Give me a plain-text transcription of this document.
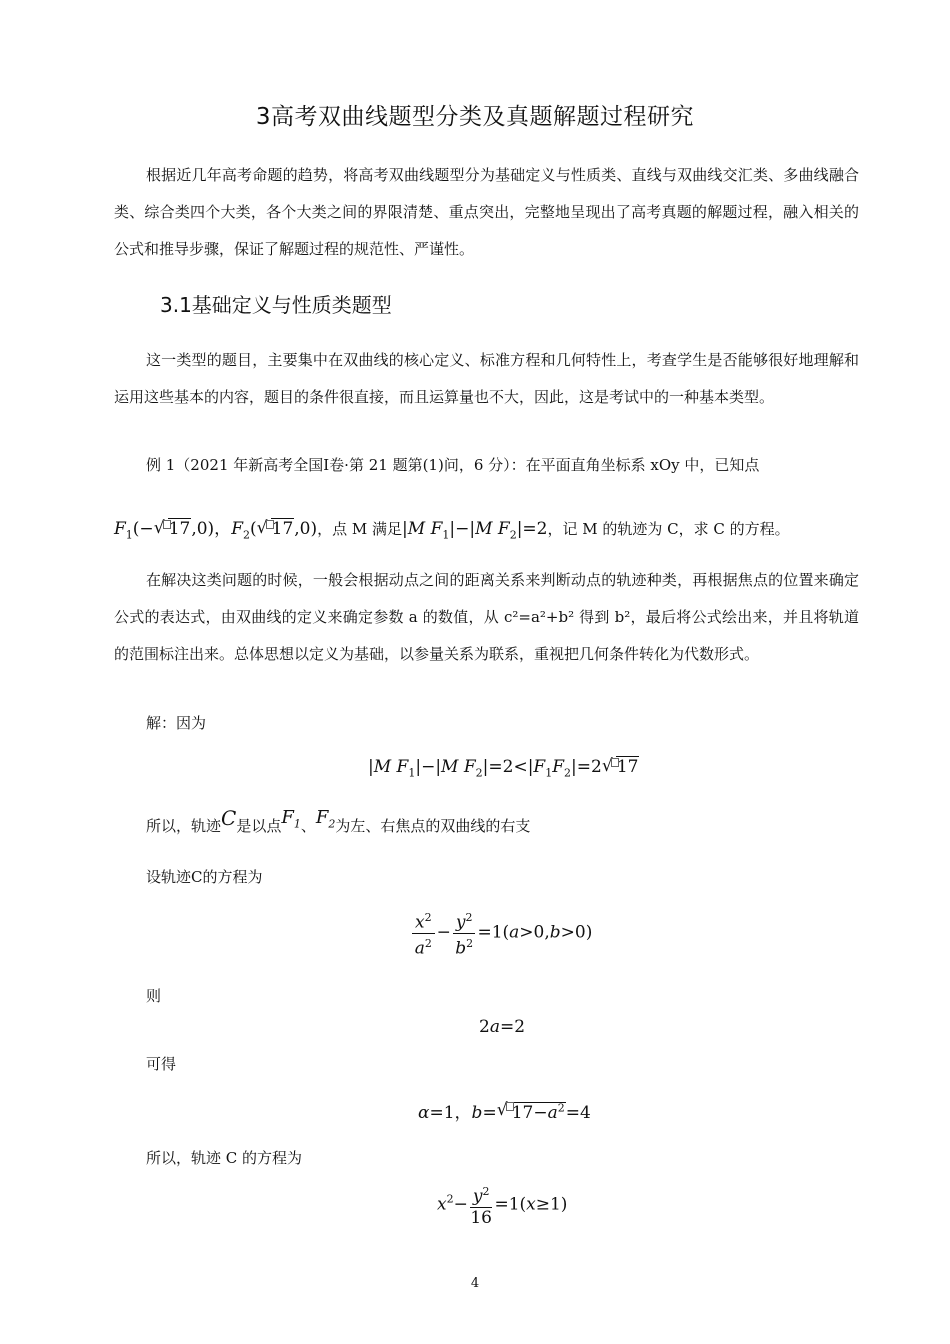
3高考双曲线题型分类及真题解题过程研究
根据近几年高考命题的趋势，将高考双曲线题型分为基础定义与性质类、直线与双曲线交汇类、多曲线融合类、综合类四个大类，各个大类之间的界限清楚、重点突出，完整地呈现出了高考真题的解题过程，融入相关的公式和推导步骤，保证了解题过程的规范性、严谨性。
3.1基础定义与性质类题型
这一类型的题目，主要集中在双曲线的核心定义、标准方程和几何特性上，考查学生是否能够很好地理解和运用这些基本的内容，题目的条件很直接，而且运算量也不大，因此，这是考试中的一种基本类型。
例 1（2021 年新高考全国Ⅰ卷·第 21 题第(1)问，6 分）：在平面直角坐标系 xOy 中，已知点
$F_1(-√$ 17,0)，$F_2(√$ 17,0)，点 M 满足|M $F_1|-|M$ $F_2|=2$，记 M 的轨迹为 C，求 C 的方程。
在解决这类问题的时候，一般会根据动点之间的距离关系来判断动点的轨迹种类，再根据焦点的位置来确定公式的表达式，由双曲线的定义来确定参数 a 的数值，从 c²=a²+b² 得到 b²，最后将公式绘出来，并且将轨道的范围标注出来。总体思想以定义为基础，以参量关系为联系，重视把几何条件转化为代数形式。
解：因为
|M $F_1|-|M$ $F_2|=2<|F_1F_2|=2√$ 17
所以，轨迹C是以点$F_1$、$F_2$为左、右焦点的双曲线的右支
设轨迹C的方程为
$\frac{x^2}{a^2} - \frac{y^2}{b^2} =1(a>0,b>0)$
则
2a=2
可得
α=1，b=√ $17-a^2=4$
所以，轨迹 C 的方程为
$x^2- \frac{y^2}{16} =1(x\ge 1)$
4
